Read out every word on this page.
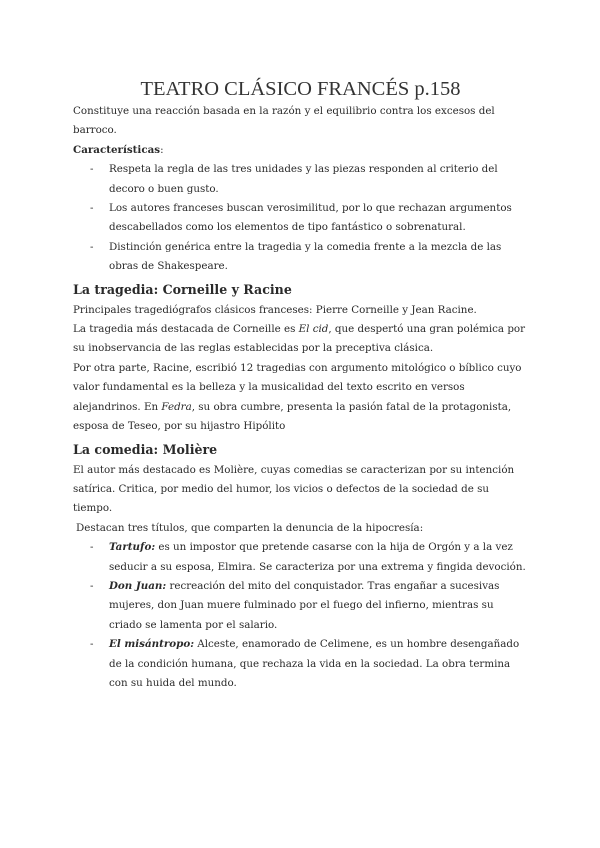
TEATRO CLÁSICO FRANCÉS p.158

Constituye una reacción basada en la razón y el equilibrio contra los excesos del barroco.

Características:

- Respeta la regla de las tres unidades y las piezas responden al criterio del decoro o buen gusto.
- Los autores franceses buscan verosimilitud, por lo que rechazan argumentos descabellados como los elementos de tipo fantástico o sobrenatural.
- Distinción genérica entre la tragedia y la comedia frente a la mezcla de las obras de Shakespeare.
La tragedia: Corneille y Racine

Principales tragediógrafos clásicos franceses: Pierre Corneille y Jean Racine.

La tragedia más destacada de Corneille es El cid, que despertó una gran polémica por su inobservancia de las reglas establecidas por la preceptiva clásica.

Por otra parte, Racine, escribió 12 tragedias con argumento mitológico o bíblico cuyo valor fundamental es la belleza y la musicalidad del texto escrito en versos alejandrinos. En Fedra, su obra cumbre, presenta la pasión fatal de la protagonista, esposa de Teseo, por su hijastro Hipólito

La comedia: Molière

El autor más destacado es Molière, cuyas comedias se caracterizan por su intención satírica. Critica, por medio del humor, los vicios o defectos de la sociedad de su tiempo.

Destacan tres títulos, que comparten la denuncia de la hipocresía:

- Tartufo: es un impostor que pretende casarse con la hija de Orgón y a la vez seducir a su esposa, Elmira. Se caracteriza por una extrema y fingida devoción.
- Don Juan: recreación del mito del conquistador. Tras engañar a sucesivas mujeres, don Juan muere fulminado por el fuego del infierno, mientras su criado se lamenta por el salario.
- El misántropo: Alceste, enamorado de Celimene, es un hombre desengañado de la condición humana, que rechaza la vida en la sociedad. La obra termina con su huida del mundo.
